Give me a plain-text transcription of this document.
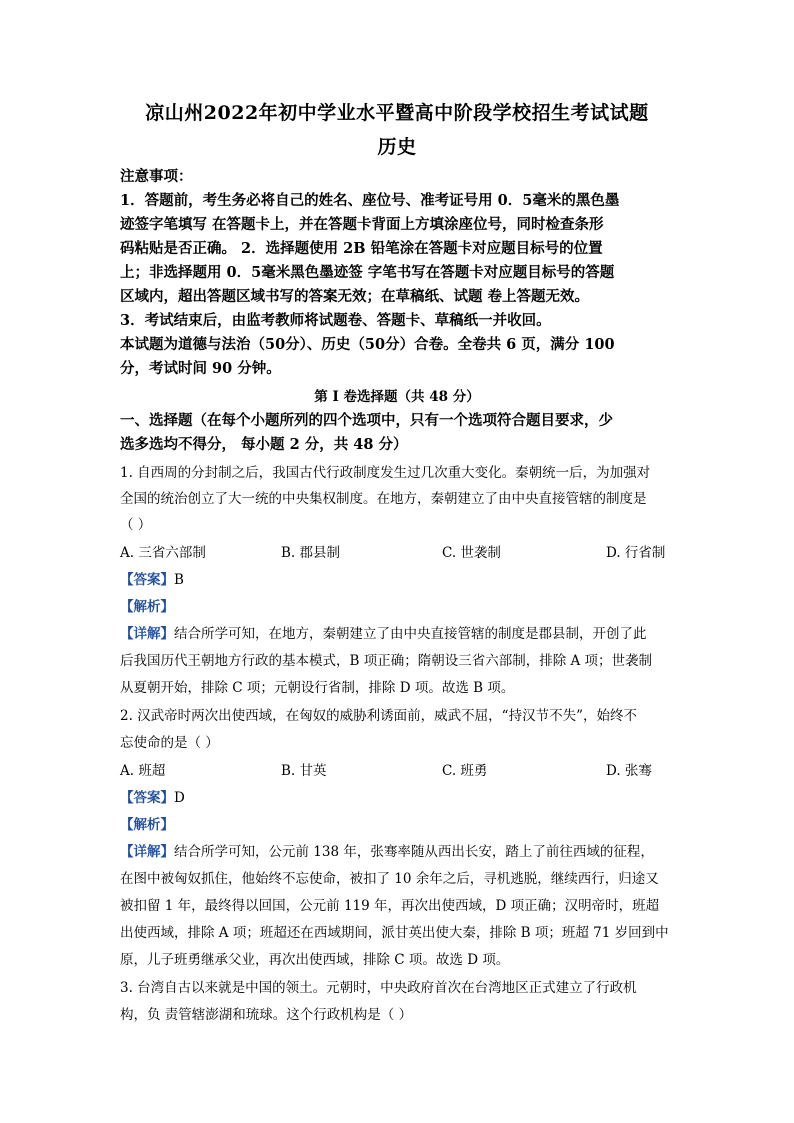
凉山州2022年初中学业水平暨高中阶段学校招生考试试题
历史
注意事项：
1．答题前，考生务必将自己的姓名、座位号、准考证号用 0．5毫米的黑色墨
迹签字笔填写 在答题卡上，并在答题卡背面上方填涂座位号，同时检查条形
码粘贴是否正确。 2．选择题使用 2B 铅笔涂在答题卡对应题目标号的位置
上；非选择题用 0．5毫米黑色墨迹签 字笔书写在答题卡对应题目标号的答题
区域内，超出答题区域书写的答案无效；在草稿纸、试题 卷上答题无效。
3．考试结束后，由监考教师将试题卷、答题卡、草稿纸一并收回。
本试题为道德与法治（50分）、历史（50分）合卷。全卷共 6 页，满分 100
分，考试时间 90 分钟。
第 I 卷选择题（共 48 分）
一、选择题（在每个小题所列的四个选项中，只有一个选项符合题目要求，少
选多选均不得分， 每小题 2 分，共 48 分）
1. 自西周的分封制之后，我国古代行政制度发生过几次重大变化。秦朝统一后，为加强对
全国的统治创立了大一统的中央集权制度。在地方，秦朝建立了由中央直接管辖的制度是
（ ）
A. 三省六部制	B. 郡县制	C. 世袭制	D. 行省制
【答案】B
【解析】
【详解】结合所学可知，在地方，秦朝建立了由中央直接管辖的制度是郡县制，开创了此
后我国历代王朝地方行政的基本模式，B 项正确；隋朝设三省六部制，排除 A 项；世袭制
从夏朝开始，排除 C 项；元朝设行省制，排除 D 项。故选 B 项。
2. 汉武帝时两次出使西域，在匈奴的威胁利诱面前，威武不屈，“持汉节不失”，始终不
忘使命的是（ ）
A. 班超	B. 甘英	C. 班勇	D. 张骞
【答案】D
【解析】
【详解】结合所学可知，公元前 138 年，张骞率随从西出长安，踏上了前往西域的征程，
在图中被匈奴抓住，他始终不忘使命，被扣了 10 余年之后，寻机逃脱，继续西行，归途又
被扣留 1 年，最终得以回国，公元前 119 年，再次出使西域，D 项正确；汉明帝时，班超
出使西域，排除 A 项；班超还在西域期间，派甘英出使大秦，排除 B 项；班超 71 岁回到中
原，儿子班勇继承父业，再次出使西域，排除 C 项。故选 D 项。
3. 台湾自古以来就是中国的领土。元朝时，中央政府首次在台湾地区正式建立了行政机
构，负 责管辖澎湖和琉球。这个行政机构是（ ）
